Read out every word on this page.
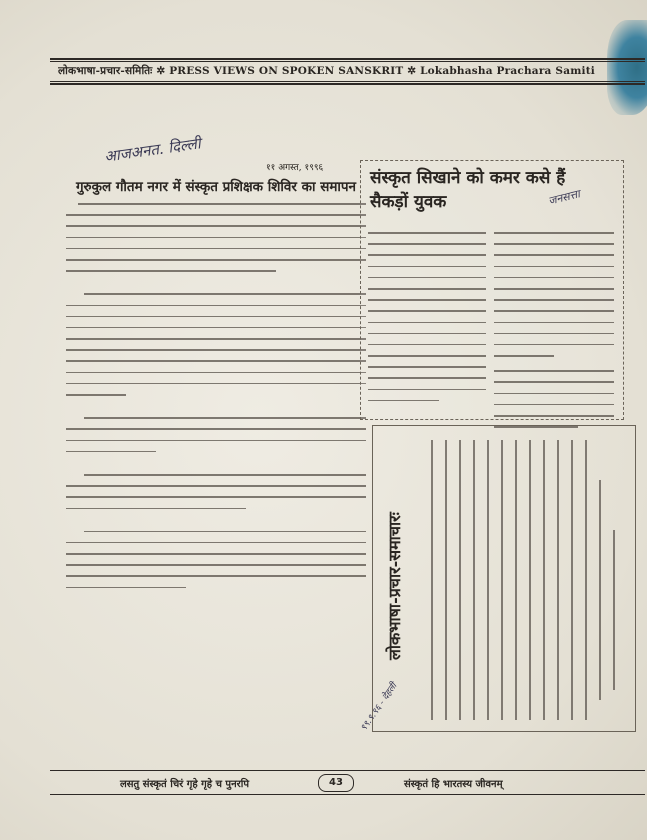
लोकभाषा-प्रचार-समितिः ✲ PRESS VIEWS ON SPOKEN SANSKRIT ✲ Lokabhasha Prachara Samiti
आजअनत. दिल्ली
११ अगस्त, १९९६
गुरुकुल गौतम नगर में संस्कृत प्रशिक्षक शिविर का समापन संस्कृत सिखाने को कमर कसे हैं सैकड़ों युवक	जनसत्ता
लोकभाषा-प्रचार-समाचारः
९९.९.९६ - देहली
लसतु संस्कृतं चिरं गृहे गृहे च पुनरपि	43	संस्कृतं हि भारतस्य जीवनम्
